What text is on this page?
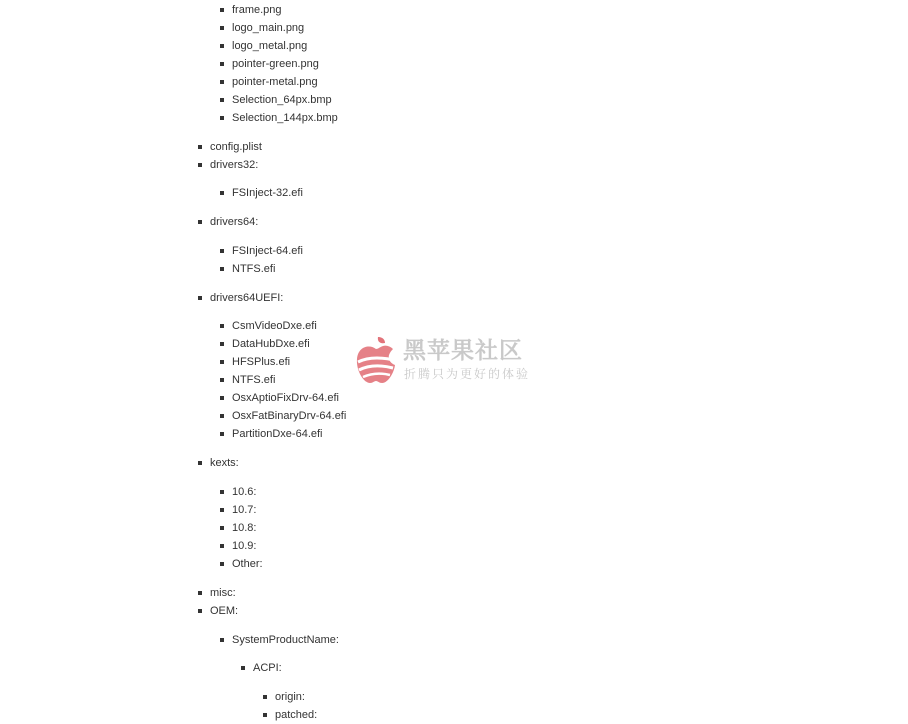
frame.png
logo_main.png
logo_metal.png
pointer-green.png
pointer-metal.png
Selection_64px.bmp
Selection_144px.bmp
config.plist
drivers32:
FSInject-32.efi
drivers64:
FSInject-64.efi
NTFS.efi
drivers64UEFI:
CsmVideoDxe.efi
DataHubDxe.efi
HFSPlus.efi
NTFS.efi
OsxAptioFixDrv-64.efi
OsxFatBinaryDrv-64.efi
PartitionDxe-64.efi
kexts:
10.6:
10.7:
10.8:
10.9:
Other:
misc:
OEM:
SystemProductName:
ACPI:
origin:
patched:
黑苹果社区
折腾只为更好的体验
